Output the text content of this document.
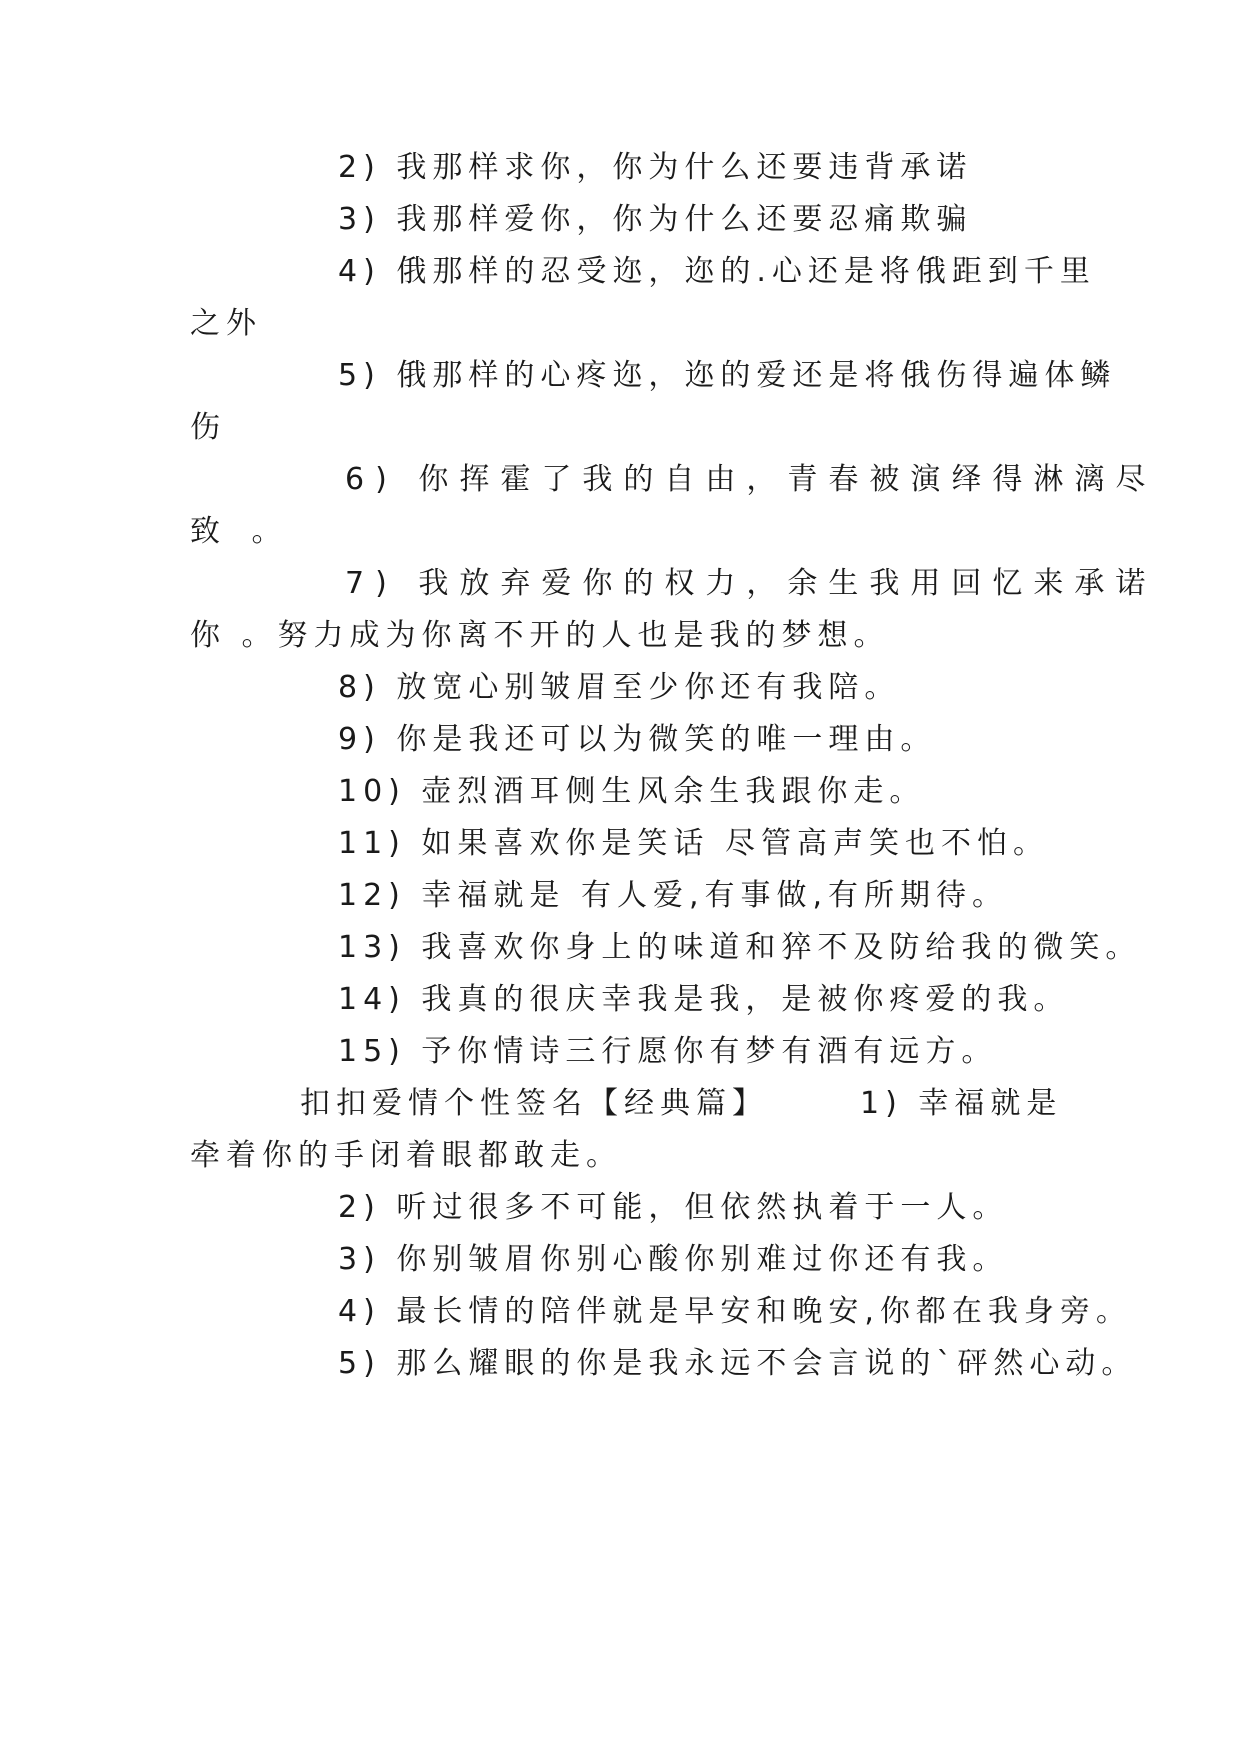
2) 我那样求你，你为什么还要违背承诺
3) 我那样爱你，你为什么还要忍痛欺骗
4) 俄那样的忍受迩，迩的.心还是将俄距到千里
之外
5) 俄那样的心疼迩，迩的爱还是将俄伤得遍体鳞
伤
6) 你挥霍了我的自由，青春被演绎得淋漓尽
致 。
7) 我放弃爱你的权力，余生我用回忆来承诺
你 。努力成为你离不开的人也是我的梦想。
8) 放宽心别皱眉至少你还有我陪。
9) 你是我还可以为微笑的唯一理由。
10) 壶烈酒耳侧生风余生我跟你走。
11) 如果喜欢你是笑话 尽管高声笑也不怕。
12) 幸福就是 有人爱,有事做,有所期待。
13) 我喜欢你身上的味道和猝不及防给我的微笑。
14) 我真的很庆幸我是我，是被你疼爱的我。
15) 予你情诗三行愿你有梦有酒有远方。
扣扣爱情个性签名【经典篇】	1) 幸福就是
牵着你的手闭着眼都敢走。
2) 听过很多不可能，但依然执着于一人。
3) 你别皱眉你别心酸你别难过你还有我。
4) 最长情的陪伴就是早安和晚安,你都在我身旁。
5) 那么耀眼的你是我永远不会言说的`砰然心动。
